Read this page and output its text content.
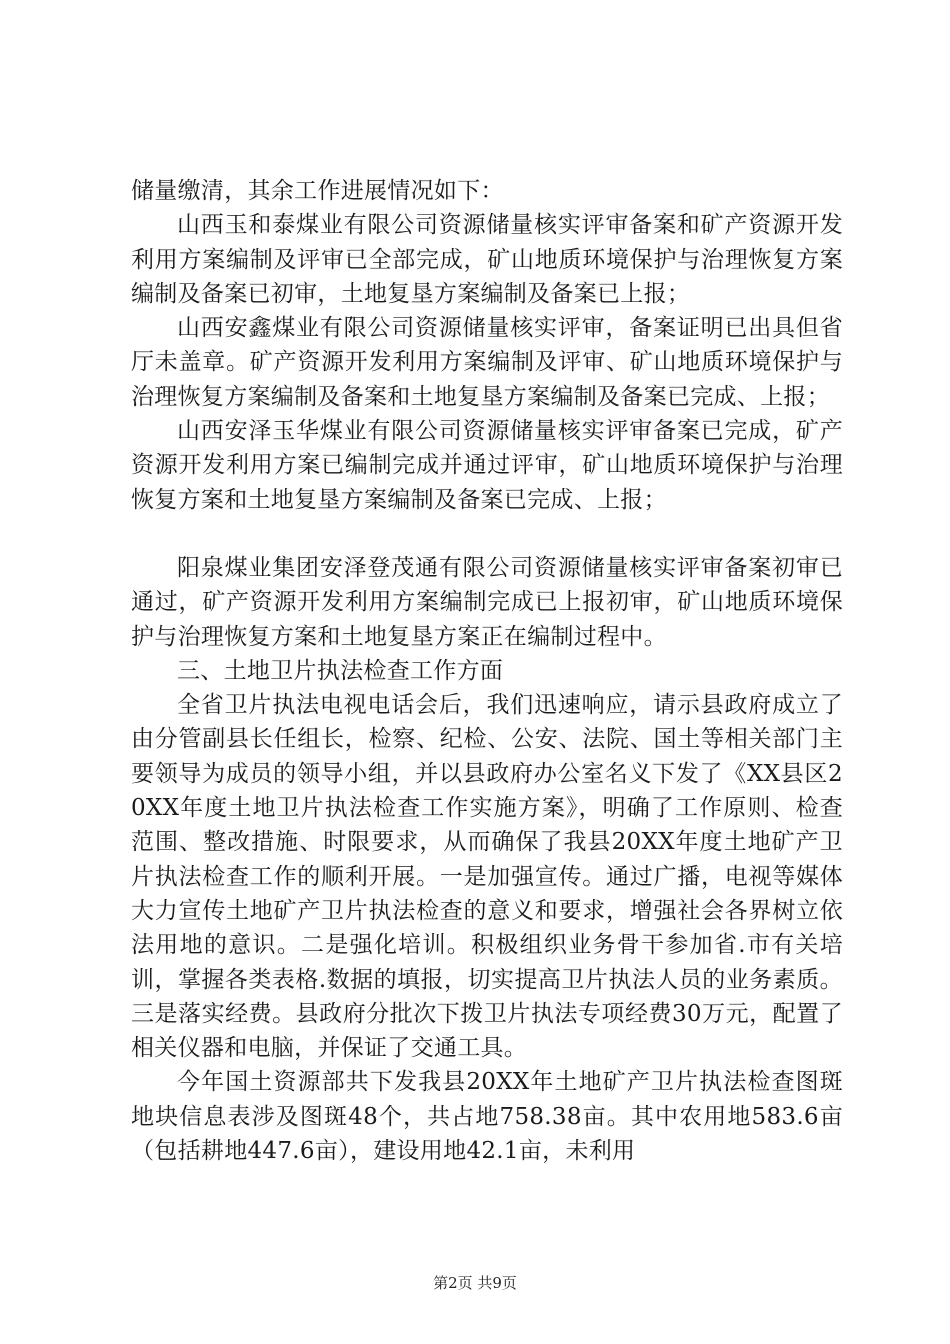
储量缴清，其余工作进展情况如下：

山西玉和泰煤业有限公司资源储量核实评审备案和矿产资源开发利用方案编制及评审已全部完成，矿山地质环境保护与治理恢复方案编制及备案已初审，土地复垦方案编制及备案已上报；

山西安鑫煤业有限公司资源储量核实评审，备案证明已出具但省厅未盖章。矿产资源开发利用方案编制及评审、矿山地质环境保护与治理恢复方案编制及备案和土地复垦方案编制及备案已完成、上报；

山西安泽玉华煤业有限公司资源储量核实评审备案已完成，矿产资源开发利用方案已编制完成并通过评审，矿山地质环境保护与治理恢复方案和土地复垦方案编制及备案已完成、上报；

阳泉煤业集团安泽登茂通有限公司资源储量核实评审备案初审已通过，矿产资源开发利用方案编制完成已上报初审，矿山地质环境保护与治理恢复方案和土地复垦方案正在编制过程中。

三、土地卫片执法检查工作方面

全省卫片执法电视电话会后，我们迅速响应，请示县政府成立了由分管副县长任组长，检察、纪检、公安、法院、国土等相关部门主要领导为成员的领导小组，并以县政府办公室名义下发了《XX县区20XX年度土地卫片执法检查工作实施方案》，明确了工作原则、检查范围、整改措施、时限要求，从而确保了我县20XX年度土地矿产卫片执法检查工作的顺利开展。一是加强宣传。通过广播，电视等媒体大力宣传土地矿产卫片执法检查的意义和要求，增强社会各界树立依法用地的意识。二是强化培训。积极组织业务骨干参加省.市有关培训，掌握各类表格.数据的填报，切实提高卫片执法人员的业务素质。三是落实经费。县政府分批次下拨卫片执法专项经费30万元，配置了相关仪器和电脑，并保证了交通工具。

今年国土资源部共下发我县20XX年土地矿产卫片执法检查图斑地块信息表涉及图斑48个，共占地758.38亩。其中农用地583.6亩（包括耕地447.6亩），建设用地42.1亩，未利用

第2页 共9页
